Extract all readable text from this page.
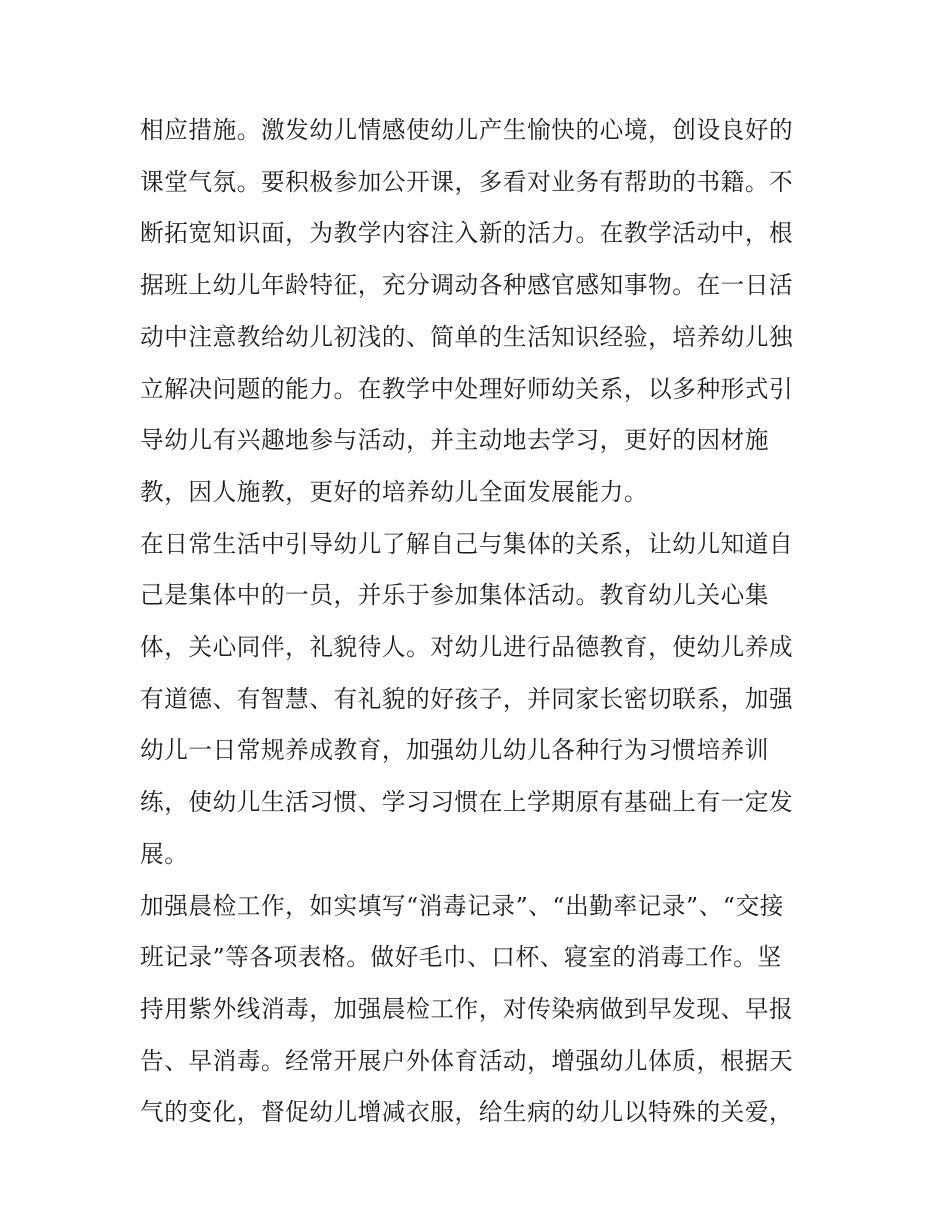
相应措施。激发幼儿情感使幼儿产生愉快的心境，创设良好的

课堂气氛。要积极参加公开课，多看对业务有帮助的书籍。不

断拓宽知识面，为教学内容注入新的活力。在教学活动中，根

据班上幼儿年龄特征，充分调动各种感官感知事物。在一日活

动中注意教给幼儿初浅的、简单的生活知识经验，培养幼儿独

立解决问题的能力。在教学中处理好师幼关系，以多种形式引

导幼儿有兴趣地参与活动，并主动地去学习，更好的因材施

教，因人施教，更好的培养幼儿全面发展能力。

在日常生活中引导幼儿了解自己与集体的关系，让幼儿知道自

己是集体中的一员，并乐于参加集体活动。教育幼儿关心集

体，关心同伴，礼貌待人。对幼儿进行品德教育，使幼儿养成

有道德、有智慧、有礼貌的好孩子，并同家长密切联系，加强

幼儿一日常规养成教育，加强幼儿幼儿各种行为习惯培养训

练，使幼儿生活习惯、学习习惯在上学期原有基础上有一定发

展。

加强晨检工作，如实填写“消毒记录”、“出勤率记录”、“交接

班记录”等各项表格。做好毛巾、口杯、寝室的消毒工作。坚

持用紫外线消毒，加强晨检工作，对传染病做到早发现、早报

告、早消毒。经常开展户外体育活动，增强幼儿体质，根据天

气的变化，督促幼儿增减衣服，给生病的幼儿以特殊的关爱，
